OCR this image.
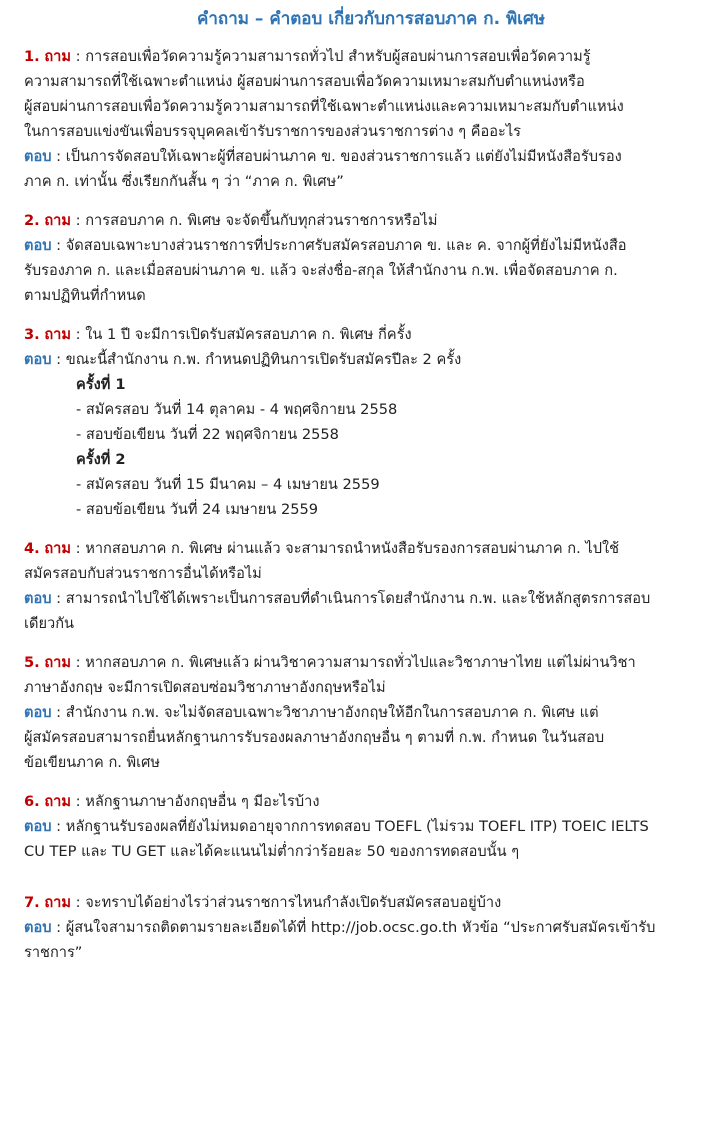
คำถาม – คำตอบ เกี่ยวกับการสอบภาค ก. พิเศษ
1. ถาม : การสอบเพื่อวัดความรู้ความสามารถทั่วไป สำหรับผู้สอบผ่านการสอบเพื่อวัดความรู้
ความสามารถที่ใช้เฉพาะตำแหน่ง ผู้สอบผ่านการสอบเพื่อวัดความเหมาะสมกับตำแหน่งหรือ
ผู้สอบผ่านการสอบเพื่อวัดความรู้ความสามารถที่ใช้เฉพาะตำแหน่งและความเหมาะสมกับตำแหน่ง
ในการสอบแข่งขันเพื่อบรรจุบุคคลเข้ารับราชการของส่วนราชการต่าง ๆ คืออะไร
ตอบ : เป็นการจัดสอบให้เฉพาะผู้ที่สอบผ่านภาค ข. ของส่วนราชการแล้ว แต่ยังไม่มีหนังสือรับรอง
ภาค ก. เท่านั้น ซึ่งเรียกกันสั้น ๆ ว่า “ภาค ก. พิเศษ”
2. ถาม : การสอบภาค ก. พิเศษ จะจัดขึ้นกับทุกส่วนราชการหรือไม่
ตอบ : จัดสอบเฉพาะบางส่วนราชการที่ประกาศรับสมัครสอบภาค ข. และ ค. จากผู้ที่ยังไม่มีหนังสือ
รับรองภาค ก. และเมื่อสอบผ่านภาค ข. แล้ว จะส่งชื่อ-สกุล ให้สำนักงาน ก.พ. เพื่อจัดสอบภาค ก.
ตามปฏิทินที่กำหนด
3. ถาม : ใน 1 ปี จะมีการเปิดรับสมัครสอบภาค ก. พิเศษ กี่ครั้ง
ตอบ : ขณะนี้สำนักงาน ก.พ. กำหนดปฏิทินการเปิดรับสมัครปีละ 2 ครั้ง
ครั้งที่ 1
- สมัครสอบ วันที่ 14 ตุลาคม - 4 พฤศจิกายน 2558
- สอบข้อเขียน วันที่ 22 พฤศจิกายน 2558
ครั้งที่ 2
- สมัครสอบ วันที่ 15 มีนาคม – 4 เมษายน 2559
- สอบข้อเขียน วันที่ 24 เมษายน 2559
4. ถาม : หากสอบภาค ก. พิเศษ ผ่านแล้ว จะสามารถนำหนังสือรับรองการสอบผ่านภาค ก. ไปใช้
สมัครสอบกับส่วนราชการอื่นได้หรือไม่
ตอบ : สามารถนำไปใช้ได้เพราะเป็นการสอบที่ดำเนินการโดยสำนักงาน ก.พ. และใช้หลักสูตรการสอบ
เดียวกัน
5. ถาม : หากสอบภาค ก. พิเศษแล้ว ผ่านวิชาความสามารถทั่วไปและวิชาภาษาไทย แต่ไม่ผ่านวิชา
ภาษาอังกฤษ จะมีการเปิดสอบซ่อมวิชาภาษาอังกฤษหรือไม่
ตอบ : สำนักงาน ก.พ. จะไม่จัดสอบเฉพาะวิชาภาษาอังกฤษให้อีกในการสอบภาค ก. พิเศษ แต่
ผู้สมัครสอบสามารถยื่นหลักฐานการรับรองผลภาษาอังกฤษอื่น ๆ ตามที่ ก.พ. กำหนด ในวันสอบ
ข้อเขียนภาค ก. พิเศษ
6. ถาม : หลักฐานภาษาอังกฤษอื่น ๆ มีอะไรบ้าง
ตอบ : หลักฐานรับรองผลที่ยังไม่หมดอายุจากการทดสอบ TOEFL (ไม่รวม TOEFL ITP) TOEIC IELTS
CU TEP และ TU GET และได้คะแนนไม่ต่ำกว่าร้อยละ 50 ของการทดสอบนั้น ๆ
7. ถาม : จะทราบได้อย่างไรว่าส่วนราชการไหนกำลังเปิดรับสมัครสอบอยู่บ้าง
ตอบ : ผู้สนใจสามารถติดตามรายละเอียดได้ที่ http://job.ocsc.go.th หัวข้อ “ประกาศรับสมัครเข้ารับ
ราชการ”
